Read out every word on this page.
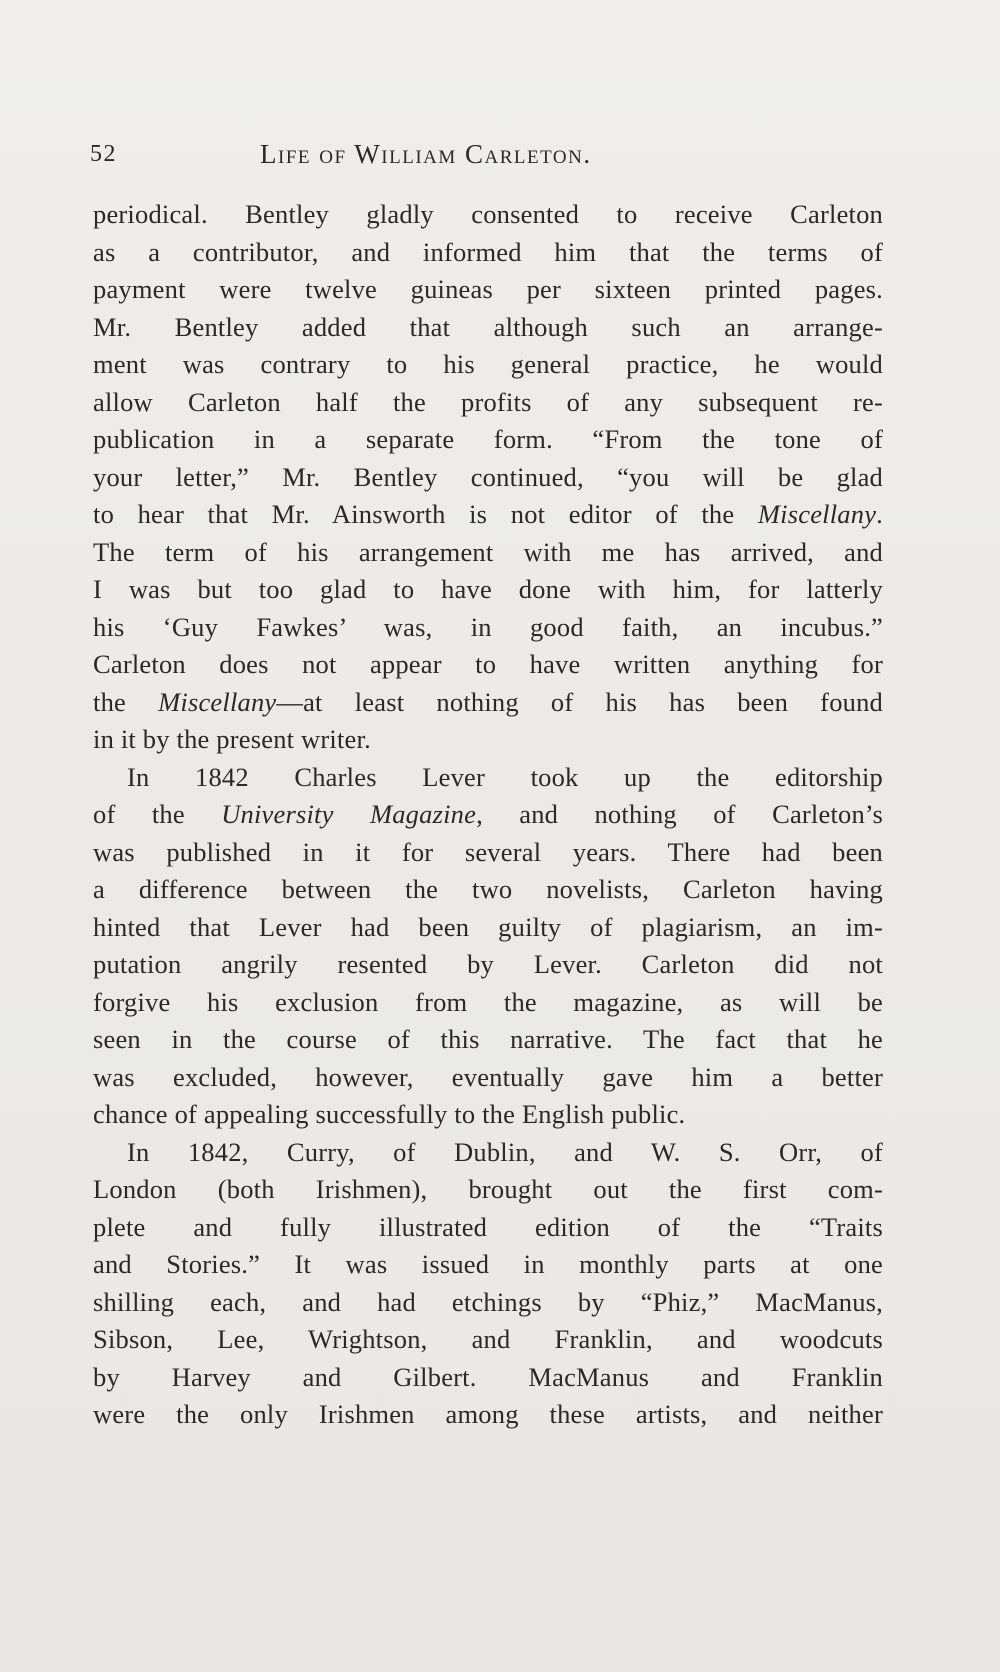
52	Life of William Carleton.
periodical. Bentley gladly consented to receive Carleton
as a contributor, and informed him that the terms of
payment were twelve guineas per sixteen printed pages.
Mr. Bentley added that although such an arrange-
ment was contrary to his general practice, he would
allow Carleton half the profits of any subsequent re-
publication in a separate form. “From the tone of
your letter,” Mr. Bentley continued, “you will be glad
to hear that Mr. Ainsworth is not editor of the Miscellany.
The term of his arrangement with me has arrived, and
I was but too glad to have done with him, for latterly
his ‘Guy Fawkes’ was, in good faith, an incubus.”
Carleton does not appear to have written anything for
the Miscellany—at least nothing of his has been found
in it by the present writer.
In 1842 Charles Lever took up the editorship
of the University Magazine, and nothing of Carleton’s
was published in it for several years. There had been
a difference between the two novelists, Carleton having
hinted that Lever had been guilty of plagiarism, an im-
putation angrily resented by Lever. Carleton did not
forgive his exclusion from the magazine, as will be
seen in the course of this narrative. The fact that he
was excluded, however, eventually gave him a better
chance of appealing successfully to the English public.
In 1842, Curry, of Dublin, and W. S. Orr, of
London (both Irishmen), brought out the first com-
plete and fully illustrated edition of the “Traits
and Stories.” It was issued in monthly parts at one
shilling each, and had etchings by “Phiz,” MacManus,
Sibson, Lee, Wrightson, and Franklin, and woodcuts
by Harvey and Gilbert. MacManus and Franklin
were the only Irishmen among these artists, and neither
